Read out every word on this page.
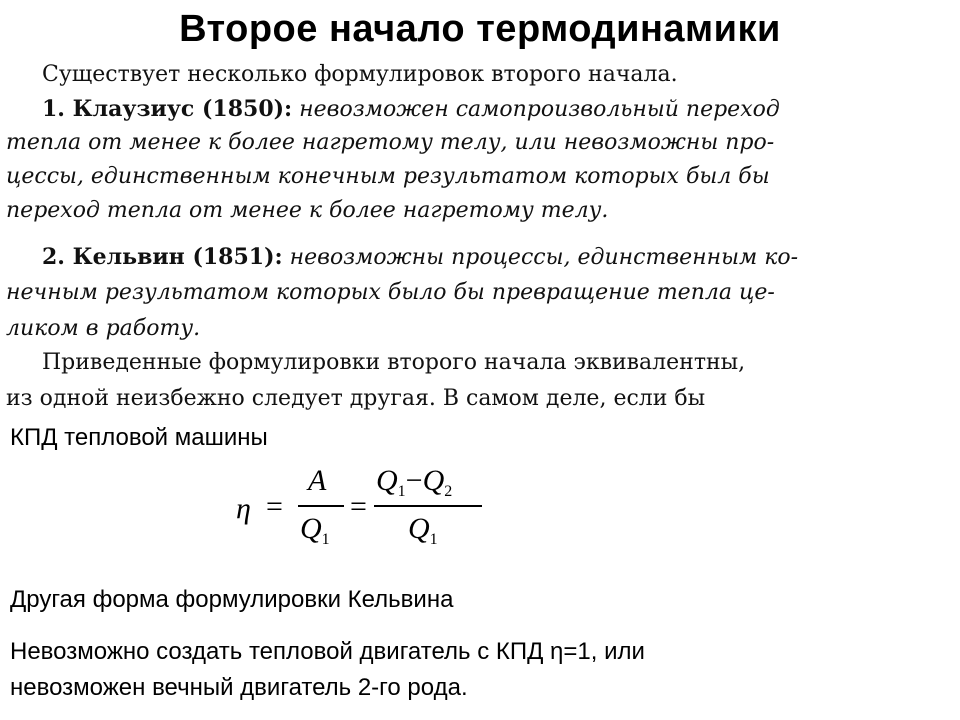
Второе начало термодинамики
Существует несколько формулировок второго начала.
1. Клаузиус (1850): невозможен самопроизвольный переход
тепла от менее к более нагретому телу, или невозможны про-
цессы, единственным конечным результатом которых был бы
переход тепла от менее к более нагретому телу.
2. Кельвин (1851): невозможны процессы, единственным ко-
нечным результатом которых было бы превращение тепла це-
ликом в работу.
Приведенные формулировки второго начала эквивалентны,
из одной неизбежно следует другая. В самом деле, если бы
КПД тепловой машины
η =
A
$Q_1$
=
$Q_1-Q_2$
$Q_1$
Другая форма формулировки Кельвина
Невозможно создать тепловой двигатель с КПД η=1, или
невозможен вечный двигатель 2-го рода.
